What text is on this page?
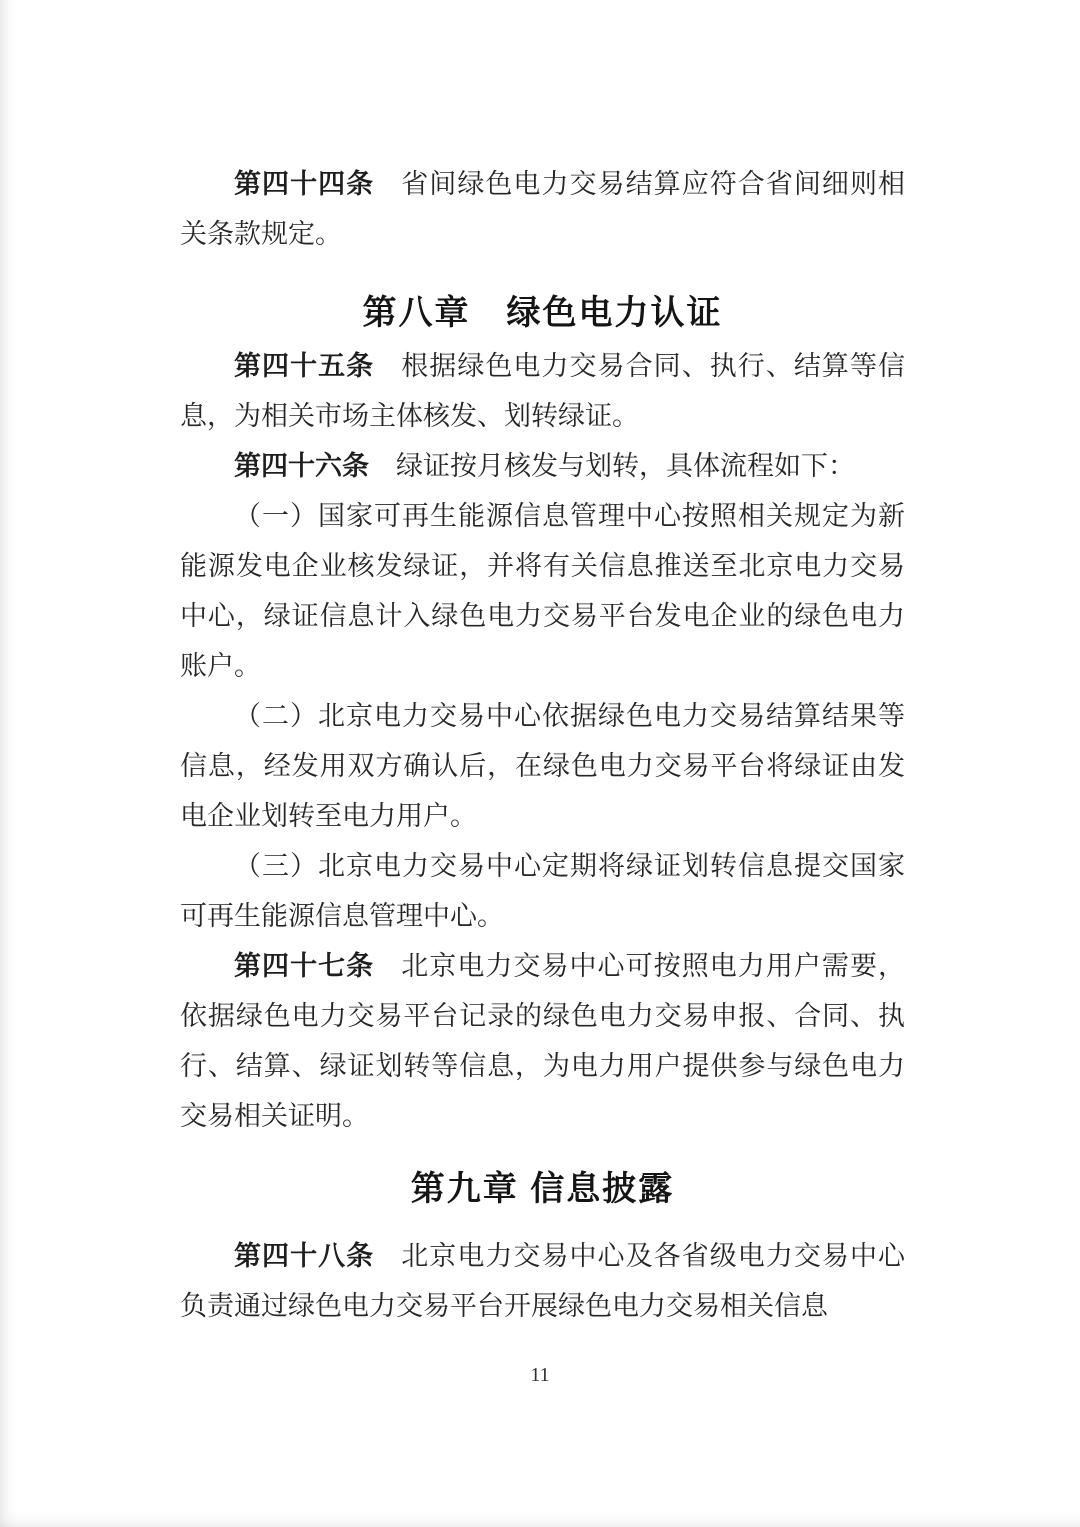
第四十四条 省间绿色电力交易结算应符合省间细则相关条款规定。

第八章　绿色电力认证

第四十五条 根据绿色电力交易合同、执行、结算等信息，为相关市场主体核发、划转绿证。

第四十六条 绿证按月核发与划转，具体流程如下：

（一）国家可再生能源信息管理中心按照相关规定为新能源发电企业核发绿证，并将有关信息推送至北京电力交易中心，绿证信息计入绿色电力交易平台发电企业的绿色电力账户。

（二）北京电力交易中心依据绿色电力交易结算结果等信息，经发用双方确认后，在绿色电力交易平台将绿证由发电企业划转至电力用户。

（三）北京电力交易中心定期将绿证划转信息提交国家可再生能源信息管理中心。

第四十七条 北京电力交易中心可按照电力用户需要，依据绿色电力交易平台记录的绿色电力交易申报、合同、执行、结算、绿证划转等信息，为电力用户提供参与绿色电力交易相关证明。

第九章 信息披露

第四十八条 北京电力交易中心及各省级电力交易中心负责通过绿色电力交易平台开展绿色电力交易相关信息

11
